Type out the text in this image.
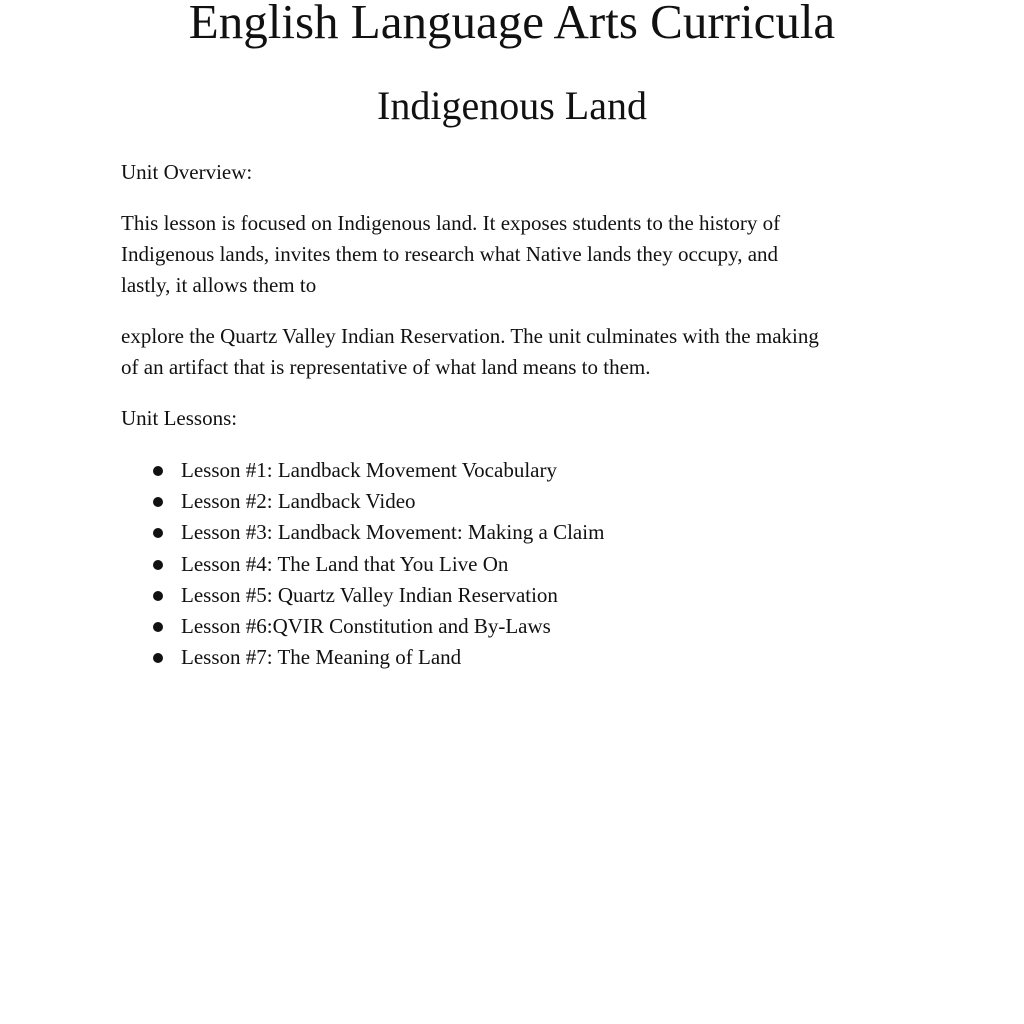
English Language Arts Curricula
Indigenous Land
Unit Overview:
This lesson is focused on Indigenous land. It exposes students to the history of
Indigenous lands, invites them to research what Native lands they occupy, and
lastly, it allows them to
explore the Quartz Valley Indian Reservation. The unit culminates with the making
of an artifact that is representative of what land means to them.
Unit Lessons:
Lesson #1: Landback Movement Vocabulary
Lesson #2: Landback Video
Lesson #3: Landback Movement: Making a Claim
Lesson #4: The Land that You Live On
Lesson #5: Quartz Valley Indian Reservation
Lesson #6:QVIR Constitution and By-Laws
Lesson #7: The Meaning of Land
